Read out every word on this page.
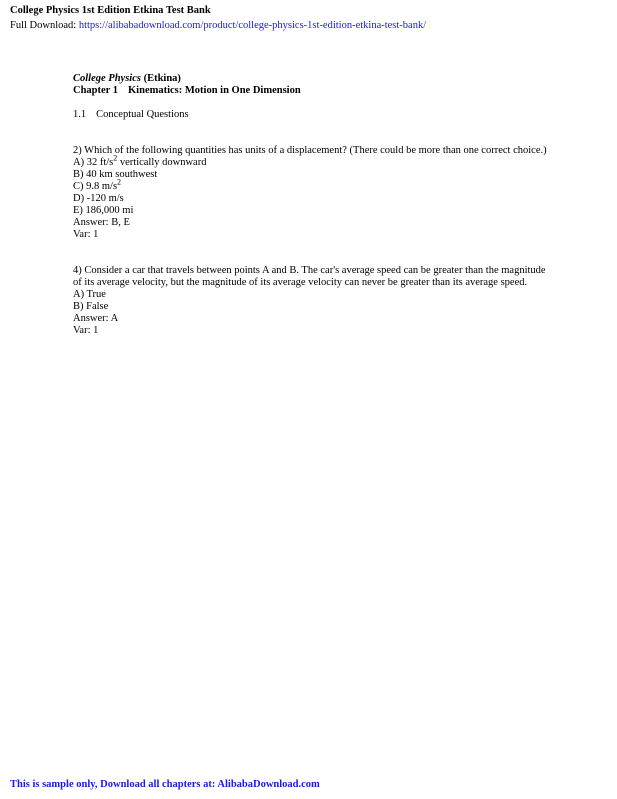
College Physics 1st Edition Etkina Test Bank
Full Download: https://alibabadownload.com/product/college-physics-1st-edition-etkina-test-bank/
College Physics (Etkina)
Chapter 1 Kinematics: Motion in One Dimension
1.1 Conceptual Questions
2) Which of the following quantities has units of a displacement? (There could be more than one correct choice.)
A) 32 $ft/s^2$ vertically downward
B) 40 km southwest
C) 9.8 $m/s^2$
D) -120 m/s
E) 186,000 mi
Answer: B, E
Var: 1
4) Consider a car that travels between points A and B. The car's average speed can be greater than the magnitude of its average velocity, but the magnitude of its average velocity can never be greater than its average speed.
A) True
B) False
Answer: A
Var: 1
This is sample only, Download all chapters at: AlibabaDownload.com
